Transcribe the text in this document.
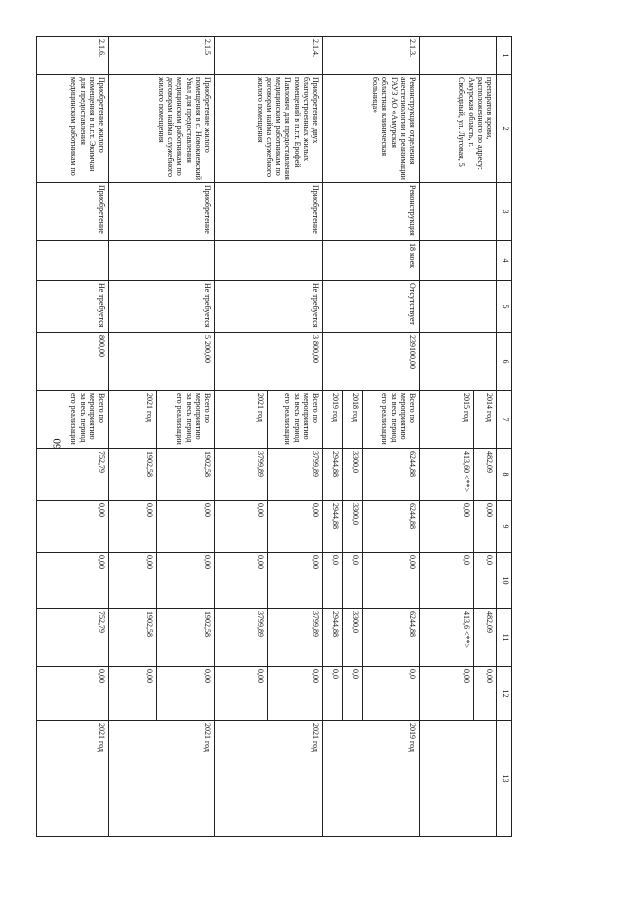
60
1	2	3	4	5	6	7	8	9	10	11	12	13
	препаратов крови, расположенного по адресу: Амурская область, г. Свободный, ул. Луговая, 5					2014 год	482,09	0,00	0,0	482,09	0,00	
						2015 год	413,60 <**>	0,00	0,0	413,6 <**>	0,00	
2.1.3.	Реконструкция отделения анестезиологии и реанимации ГАУЗ АО «Амурская областная клиническая больница»	Реконструкция	18 коек	Отсутствует	239100,00	Всего по мероприятию за весь период его реализации	6244,88	6244,88	0,00	6244,88	0,0	2019 год
						2018 год	3300,0	3300,0	0,0	3300,0	0,0	
						2019 год	2944,88	2944,88	0,0	2944,88	0,0	
2.1.4.	Приобретение двух благоустроенных жилых помещений в п.г.т. Ерофей Павлович для предоставления медицинским работникам по договорам найма служебного жилого помещения	Приобретение		Не требуется	3 800,00	Всего по мероприятию за весь период его реализации	3799,89	0,00	0,00	3799,89	0,00	2021 год
						2021 год	3799,89	0,00	0,00	3799,89	0,00	
2.1.5	Приобретение жилого помещения в с. Новокиевский Увал для предоставления медицинским работникам по договорам найма служебного жилого помещения	Приобретение		Не требуется	5 200,00	Всего по мероприятию за весь период его реализации	1902,58	0,00	0,00	1902,58	0,00	2021 год
						2021 год	1902,58	0,00	0,00	1902,58	0,00	
2.1.6.	Приобретение жилого помещения в п.г.т. Экимчан для предоставления медицинским работникам по	Приобретение		Не требуется	800,00	Всего по мероприятию за весь период его реализации	752,79	0,00	0,00	752,79	0,00	2021 год
